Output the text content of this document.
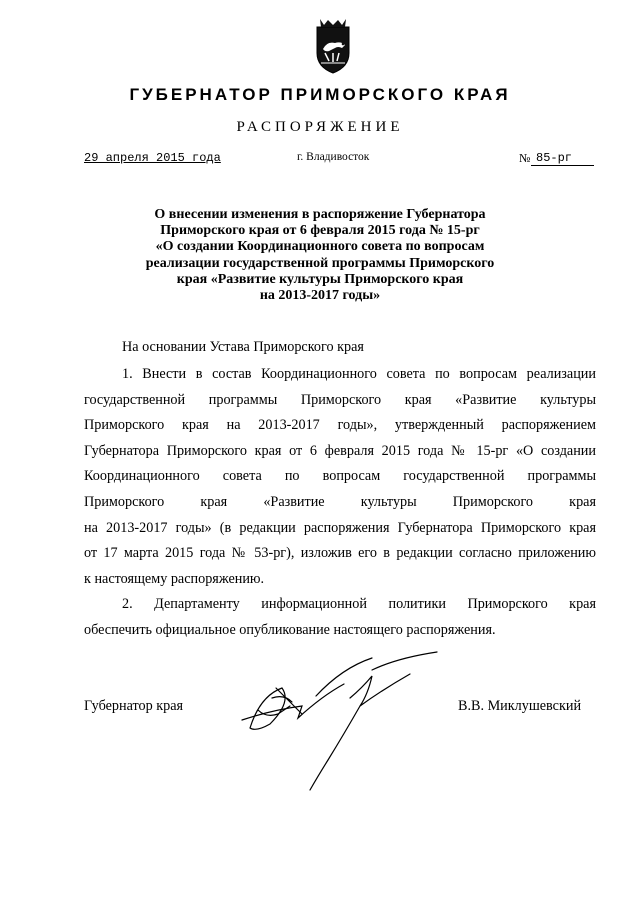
ГУБЕРНАТОР ПРИМОРСКОГО КРАЯ
РАСПОРЯЖЕНИЕ
29 апреля 2015 года	г. Владивосток	№ 85-рг
О внесении изменения в распоряжение Губернатора
Приморского края от 6 февраля 2015 года № 15-рг
«О создании Координационного совета по вопросам
реализации государственной программы Приморского
края «Развитие культуры Приморского края
на 2013-2017 годы»
На основании Устава Приморского края
1. Внести в состав Координационного совета по вопросам реализации
государственной программы Приморского края «Развитие культуры
Приморского края на 2013-2017 годы», утвержденный распоряжением
Губернатора Приморского края от 6 февраля 2015 года № 15-рг «О создании
Координационного совета по вопросам государственной программы
Приморского края «Развитие культуры Приморского края
на 2013-2017 годы» (в редакции распоряжения Губернатора Приморского края
от 17 марта 2015 года № 53-рг), изложив его в редакции согласно приложению
к настоящему распоряжению.
2. Департаменту информационной политики Приморского края
обеспечить официальное опубликование настоящего распоряжения.
Губернатор края	В.В. Миклушевский
